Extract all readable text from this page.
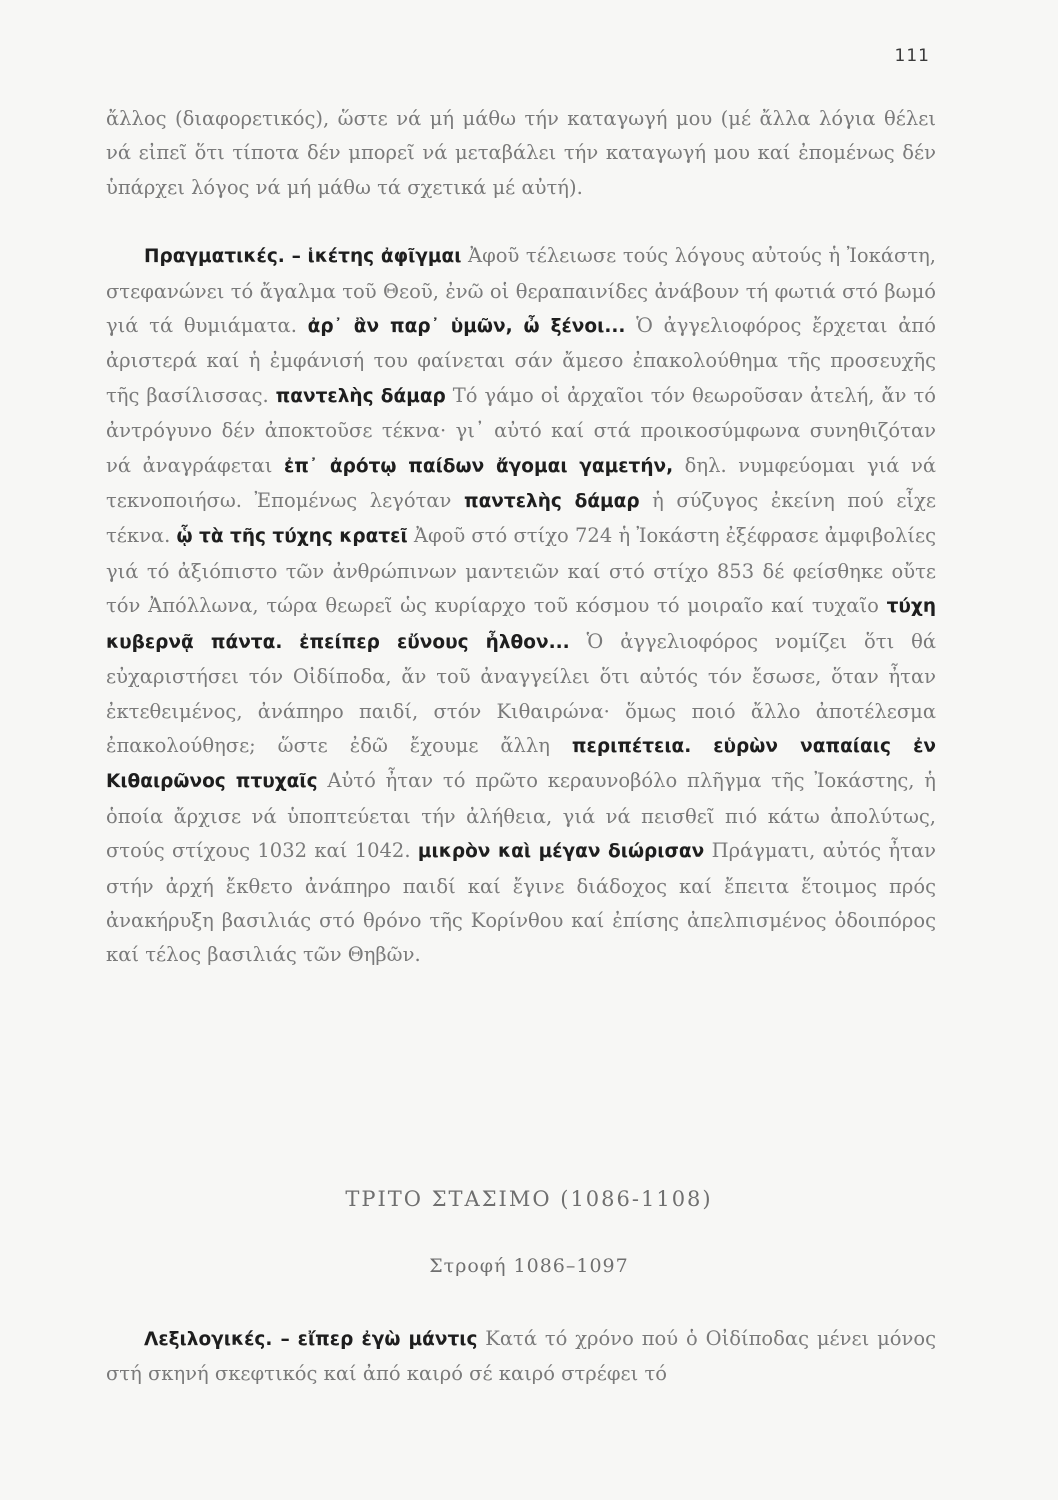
111

ἄλλος (διαφορετικός), ὥστε νά μή μάθω τήν καταγωγή μου (μέ ἄλλα λόγια θέλει νά εἰπεῖ ὅτι τίποτα δέν μπορεῖ νά μεταβάλει τήν καταγωγή μου καί ἐπομένως δέν ὑπάρχει λόγος νά μή μάθω τά σχετικά μέ αὐτή).

Πραγματικές. – ἱκέτης ἀφῖγμαι Ἀφοῦ τέλειωσε τούς λόγους αὐτούς ἡ Ἰοκάστη, στεφανώνει τό ἄγαλμα τοῦ Θεοῦ, ἐνῶ οἱ θεραπαινίδες ἀνάβουν τή φωτιά στό βωμό γιά τά θυμιάματα. ἀρ᾽ ἂν παρ᾽ ὑμῶν, ὦ ξένοι... Ὁ ἀγγελιοφόρος ἔρχεται ἀπό ἀριστερά καί ἡ ἐμφάνισή του φαίνεται σάν ἄμεσο ἐπακολούθημα τῆς προσευχῆς τῆς βασίλισσας. παντελὴς δάμαρ Τό γάμο οἱ ἀρχαῖοι τόν θεωροῦσαν ἀτελή, ἄν τό ἀντρόγυνο δέν ἀποκτοῦσε τέκνα· γι᾽ αὐτό καί στά προικοσύμφωνα συνηθιζόταν νά ἀναγράφεται ἐπ᾽ ἀρότῳ παίδων ἄγομαι γαμετήν, δηλ. νυμφεύομαι γιά νά τεκνοποιήσω. Ἐπομένως λεγόταν παντελὴς δάμαρ ἡ σύζυγος ἐκείνη πού εἶχε τέκνα. ᾧ τὰ τῆς τύχης κρατεῖ Ἀφοῦ στό στίχο 724 ἡ Ἰοκάστη ἐξέφρασε ἀμφιβολίες γιά τό ἀξιόπιστο τῶν ἀνθρώπινων μαντειῶν καί στό στίχο 853 δέ φείσθηκε οὔτε τόν Ἀπόλλωνα, τώρα θεωρεῖ ὡς κυρίαρχο τοῦ κόσμου τό μοιραῖο καί τυχαῖο τύχη κυβερνᾷ πάντα. ἐπείπερ εὔνους ἦλθον... Ὁ ἀγγελιοφόρος νομίζει ὅτι θά εὐχαριστήσει τόν Οἰδίποδα, ἄν τοῦ ἀναγγείλει ὅτι αὐτός τόν ἔσωσε, ὅταν ἦταν ἐκτεθειμένος, ἀνάπηρο παιδί, στόν Κιθαιρώνα· ὅμως ποιό ἄλλο ἀποτέλεσμα ἐπακολούθησε; ὥστε ἐδῶ ἔχουμε ἄλλη περιπέτεια. εὑρὼν ναπαίαις ἐν Κιθαιρῶνος πτυχαῖς Αὐτό ἦταν τό πρῶτο κεραυνοβόλο πλῆγμα τῆς Ἰοκάστης, ἡ ὁποία ἄρχισε νά ὑποπτεύεται τήν ἀλήθεια, γιά νά πεισθεῖ πιό κάτω ἀπολύτως, στούς στίχους 1032 καί 1042. μικρὸν καὶ μέγαν διώρισαν Πράγματι, αὐτός ἦταν στήν ἀρχή ἔκθετο ἀνάπηρο παιδί καί ἔγινε διάδοχος καί ἔπειτα ἕτοιμος πρός ἀνακήρυξη βασιλιάς στό θρόνο τῆς Κορίνθου καί ἐπίσης ἀπελπισμένος ὁδοιπόρος καί τέλος βασιλιάς τῶν Θηβῶν.

ΤΡΙΤΟ ΣΤΑΣΙΜΟ (1086-1108)
Στροφή 1086–1097

Λεξιλογικές. – εἴπερ ἐγὼ μάντις Κατά τό χρόνο πού ὁ Οἰδίποδας μένει μόνος στή σκηνή σκεφτικός καί ἀπό καιρό σέ καιρό στρέφει τό
